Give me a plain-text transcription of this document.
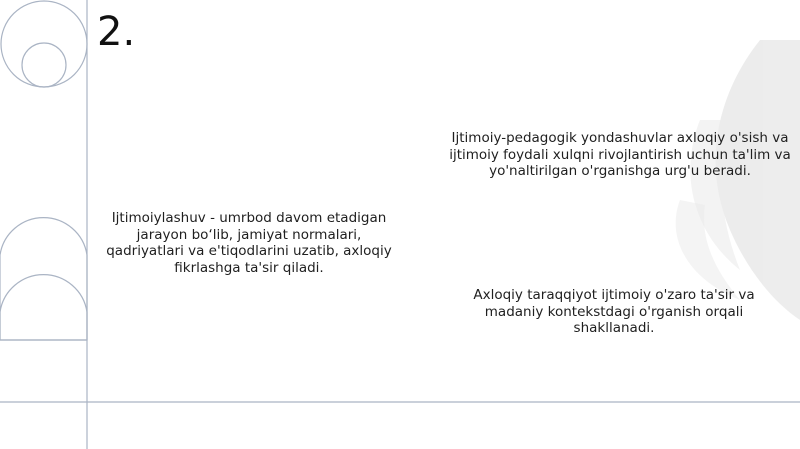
2.
Ijtimoiylashuv - umrbod davom etadigan jarayon bo‘lib, jamiyat normalari, qadriyatlari va e'tiqodlarini uzatib, axloqiy fikrlashga ta'sir qiladi.
Ijtimoiy-pedagogik yondashuvlar axloqiy o'sish va ijtimoiy foydali xulqni rivojlantirish uchun ta'lim va yo'naltirilgan o'rganishga urg'u beradi.
Axloqiy taraqqiyot ijtimoiy o'zaro ta'sir va madaniy kontekstdagi o'rganish orqali shakllanadi.
